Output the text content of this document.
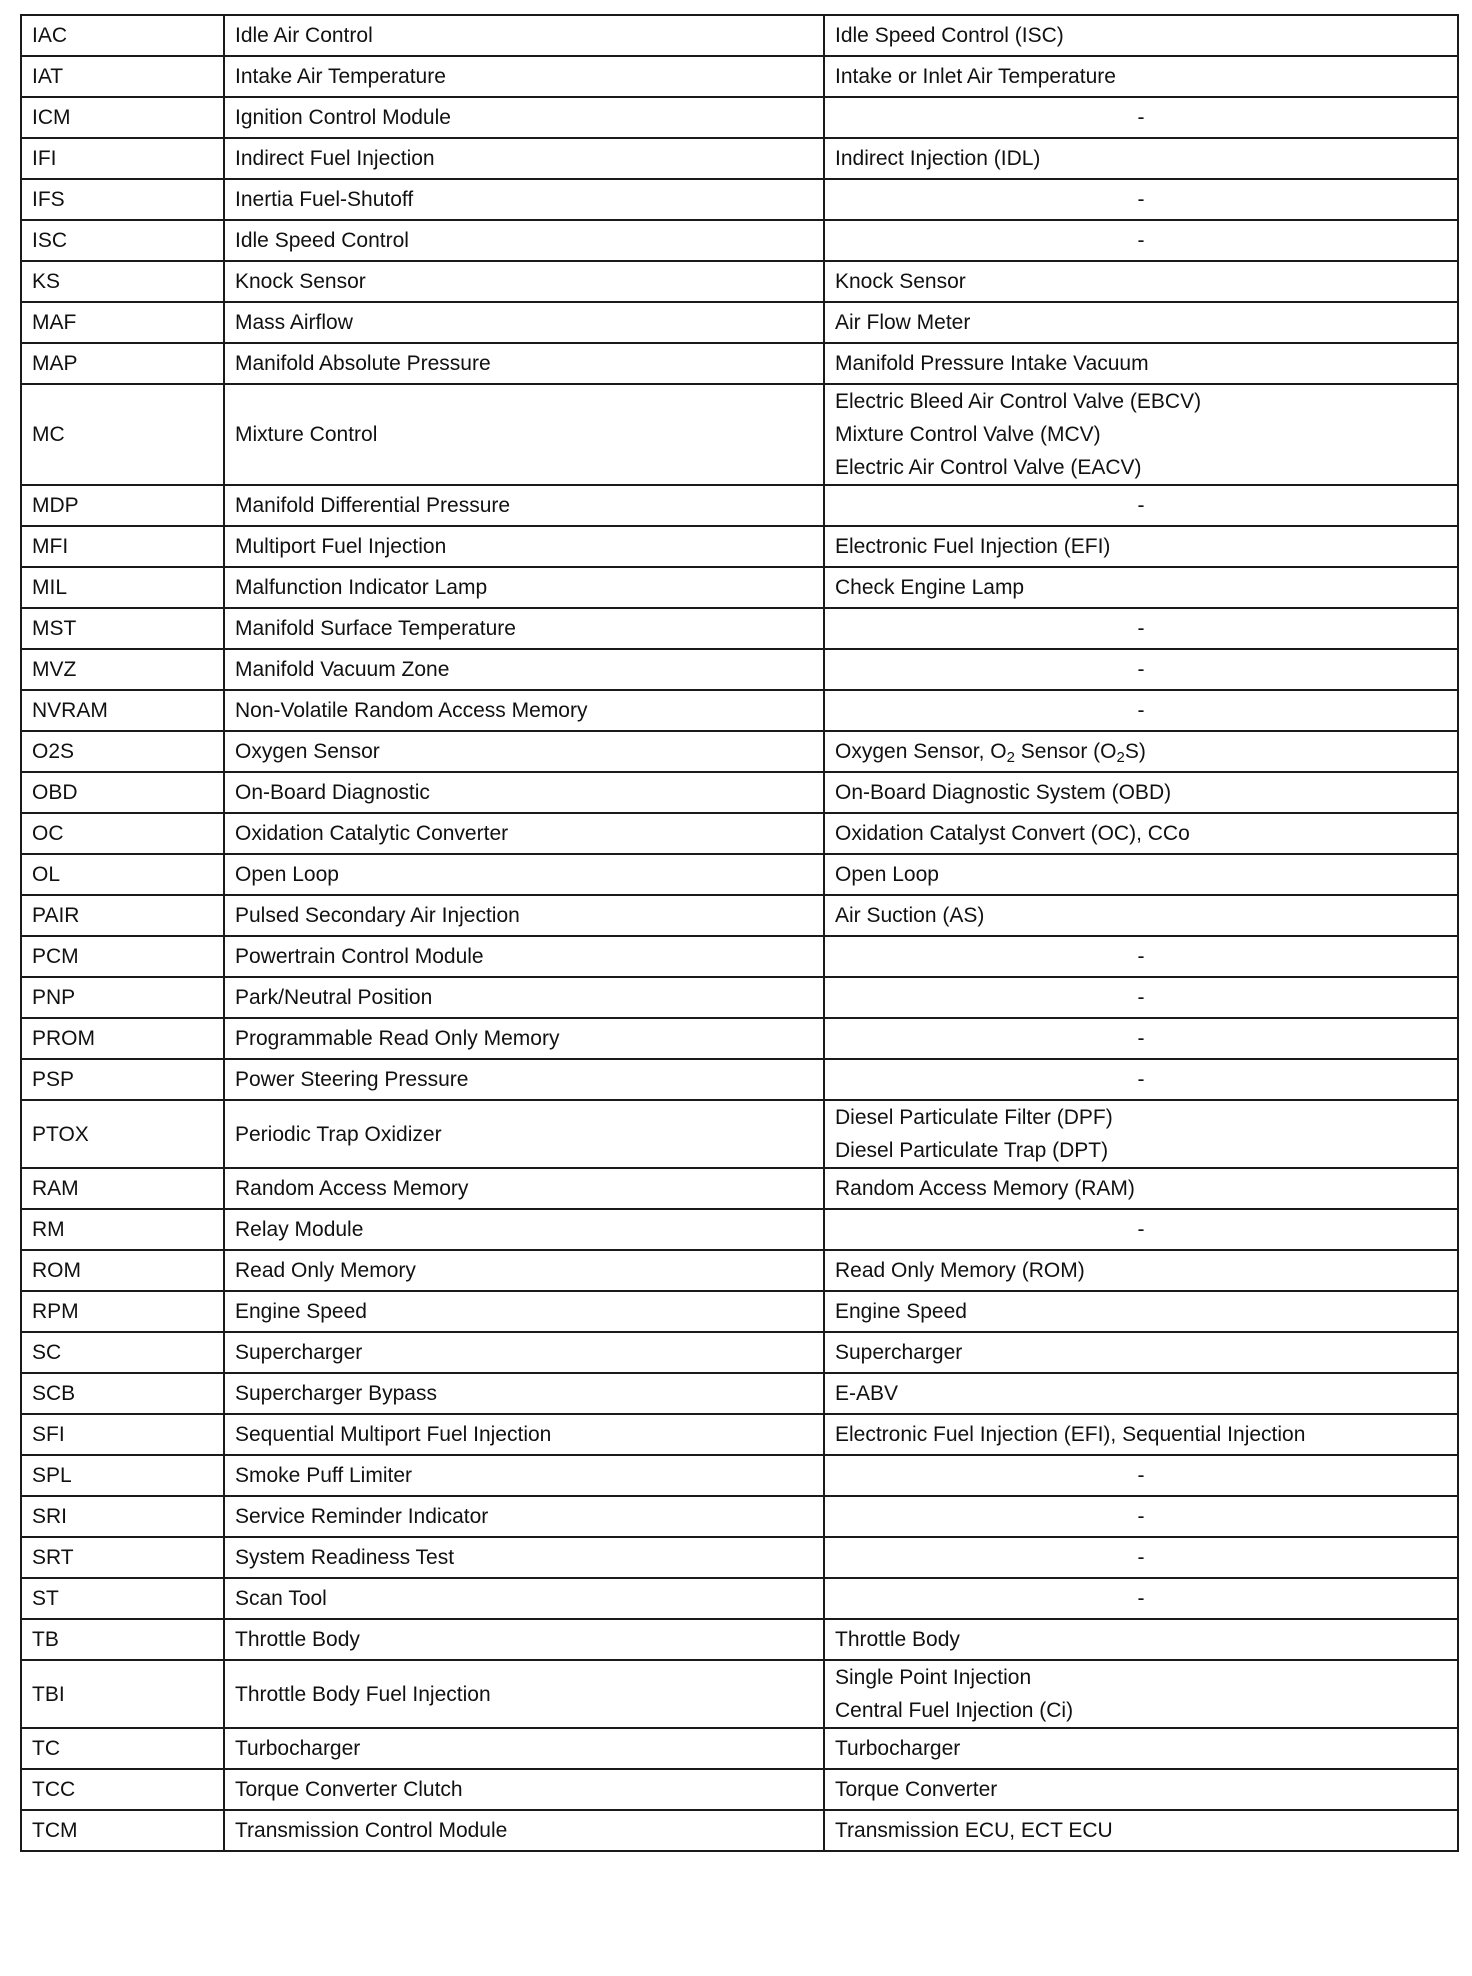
IAC	Idle Air Control	Idle Speed Control (ISC)

IAT	Intake Air Temperature	Intake or Inlet Air Temperature

ICM	Ignition Control Module	-
IFI	Indirect Fuel Injection	Indirect Injection (IDL)

IFS	Inertia Fuel-Shutoff	-
ISC	Idle Speed Control	-
KS	Knock Sensor	Knock Sensor

MAF	Mass Airflow	Air Flow Meter

MAP	Manifold Absolute Pressure	Manifold Pressure Intake Vacuum

MC	Mixture Control	Electric Bleed Air Control Valve (EBCV)
Mixture Control Valve (MCV)
Electric Air Control Valve (EACV)

MDP	Manifold Differential Pressure	-
MFI	Multiport Fuel Injection	Electronic Fuel Injection (EFI)

MIL	Malfunction Indicator Lamp	Check Engine Lamp

MST	Manifold Surface Temperature	-
MVZ	Manifold Vacuum Zone	-
NVRAM	Non-Volatile Random Access Memory	-
O2S	Oxygen Sensor	Oxygen Sensor, $O_2$ Sensor $(O_2S)$

OBD	On-Board Diagnostic	On-Board Diagnostic System (OBD)

OC	Oxidation Catalytic Converter	Oxidation Catalyst Convert (OC), CCo

OL	Open Loop	Open Loop

PAIR	Pulsed Secondary Air Injection	Air Suction (AS)

PCM	Powertrain Control Module	-
PNP	Park/Neutral Position	-
PROM	Programmable Read Only Memory	-
PSP	Power Steering Pressure	-
PTOX	Periodic Trap Oxidizer	Diesel Particulate Filter (DPF)
Diesel Particulate Trap (DPT)

RAM	Random Access Memory	Random Access Memory (RAM)

RM	Relay Module	-
ROM	Read Only Memory	Read Only Memory (ROM)

RPM	Engine Speed	Engine Speed

SC	Supercharger	Supercharger

SCB	Supercharger Bypass	E-ABV

SFI	Sequential Multiport Fuel Injection	Electronic Fuel Injection (EFI), Sequential Injection

SPL	Smoke Puff Limiter	-
SRI	Service Reminder Indicator	-
SRT	System Readiness Test	-
ST	Scan Tool	-
TB	Throttle Body	Throttle Body

TBI	Throttle Body Fuel Injection	Single Point Injection
Central Fuel Injection (Ci)

TC	Turbocharger	Turbocharger

TCC	Torque Converter Clutch	Torque Converter

TCM	Transmission Control Module	Transmission ECU, ECT ECU
